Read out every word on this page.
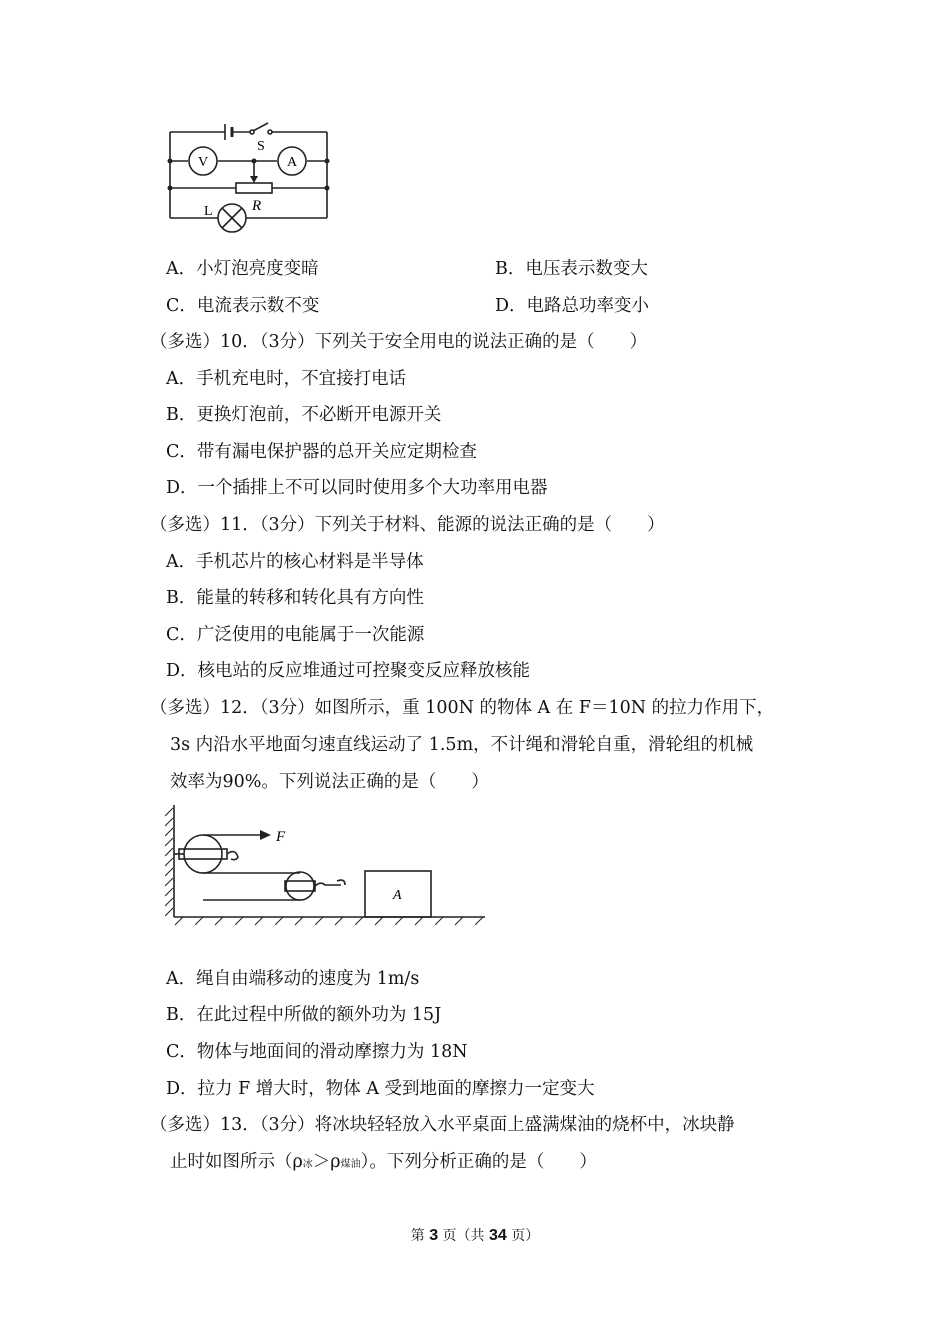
S
V	A
L	R
A．小灯泡亮度变暗	B．电压表示数变大
C．电流表示数不变	D．电路总功率变小
（多选）10．（3分）下列关于安全用电的说法正确的是（　　）
A．手机充电时，不宜接打电话
B．更换灯泡前，不必断开电源开关
C．带有漏电保护器的总开关应定期检查
D．一个插排上不可以同时使用多个大功率用电器
（多选）11．（3分）下列关于材料、能源的说法正确的是（　　）
A．手机芯片的核心材料是半导体
B．能量的转移和转化具有方向性
C．广泛使用的电能属于一次能源
D．核电站的反应堆通过可控聚变反应释放核能
（多选）12．（3分）如图所示，重 100N 的物体 A 在 F＝10N 的拉力作用下，
3s 内沿水平地面匀速直线运动了 1.5m，不计绳和滑轮自重，滑轮组的机械
效率为90%。下列说法正确的是（　　）
F
A
A．绳自由端移动的速度为 1m/s
B．在此过程中所做的额外功为 15J
C．物体与地面间的滑动摩擦力为 18N
D．拉力 F 增大时，物体 A 受到地面的摩擦力一定变大
（多选）13．（3分）将冰块轻轻放入水平桌面上盛满煤油的烧杯中，冰块静
止时如图所示（ρ冰＞ρ煤油）。下列分析正确的是（　　）
第 3 页（共 34 页）
